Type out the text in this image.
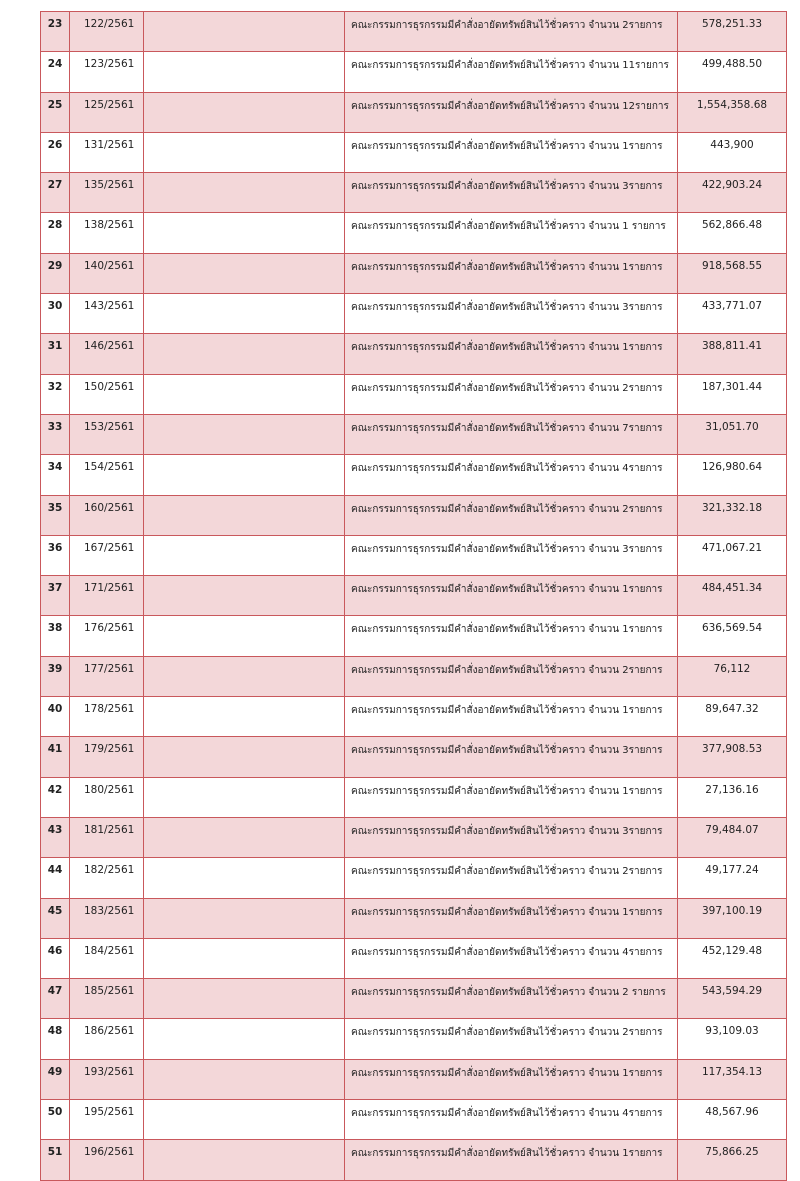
23	122/2561		คณะกรรมการธุรกรรมมีคำสั่งอายัดทรัพย์สินไว้ชั่วคราว จำนวน 2รายการ	578,251.33
24	123/2561		คณะกรรมการธุรกรรมมีคำสั่งอายัดทรัพย์สินไว้ชั่วคราว จำนวน 11รายการ	499,488.50
25	125/2561		คณะกรรมการธุรกรรมมีคำสั่งอายัดทรัพย์สินไว้ชั่วคราว จำนวน 12รายการ	1,554,358.68
26	131/2561		คณะกรรมการธุรกรรมมีคำสั่งอายัดทรัพย์สินไว้ชั่วคราว จำนวน 1รายการ	443,900
27	135/2561		คณะกรรมการธุรกรรมมีคำสั่งอายัดทรัพย์สินไว้ชั่วคราว จำนวน 3รายการ	422,903.24
28	138/2561		คณะกรรมการธุรกรรมมีคำสั่งอายัดทรัพย์สินไว้ชั่วคราว จำนวน 1 รายการ	562,866.48
29	140/2561		คณะกรรมการธุรกรรมมีคำสั่งอายัดทรัพย์สินไว้ชั่วคราว จำนวน 1รายการ	918,568.55
30	143/2561		คณะกรรมการธุรกรรมมีคำสั่งอายัดทรัพย์สินไว้ชั่วคราว จำนวน 3รายการ	433,771.07
31	146/2561		คณะกรรมการธุรกรรมมีคำสั่งอายัดทรัพย์สินไว้ชั่วคราว จำนวน 1รายการ	388,811.41
32	150/2561		คณะกรรมการธุรกรรมมีคำสั่งอายัดทรัพย์สินไว้ชั่วคราว จำนวน 2รายการ	187,301.44
33	153/2561		คณะกรรมการธุรกรรมมีคำสั่งอายัดทรัพย์สินไว้ชั่วคราว จำนวน 7รายการ	31,051.70
34	154/2561		คณะกรรมการธุรกรรมมีคำสั่งอายัดทรัพย์สินไว้ชั่วคราว จำนวน 4รายการ	126,980.64
35	160/2561		คณะกรรมการธุรกรรมมีคำสั่งอายัดทรัพย์สินไว้ชั่วคราว จำนวน 2รายการ	321,332.18
36	167/2561		คณะกรรมการธุรกรรมมีคำสั่งอายัดทรัพย์สินไว้ชั่วคราว จำนวน 3รายการ	471,067.21
37	171/2561		คณะกรรมการธุรกรรมมีคำสั่งอายัดทรัพย์สินไว้ชั่วคราว จำนวน 1รายการ	484,451.34
38	176/2561		คณะกรรมการธุรกรรมมีคำสั่งอายัดทรัพย์สินไว้ชั่วคราว จำนวน 1รายการ	636,569.54
39	177/2561		คณะกรรมการธุรกรรมมีคำสั่งอายัดทรัพย์สินไว้ชั่วคราว จำนวน 2รายการ	76,112
40	178/2561		คณะกรรมการธุรกรรมมีคำสั่งอายัดทรัพย์สินไว้ชั่วคราว จำนวน 1รายการ	89,647.32
41	179/2561		คณะกรรมการธุรกรรมมีคำสั่งอายัดทรัพย์สินไว้ชั่วคราว จำนวน 3รายการ	377,908.53
42	180/2561		คณะกรรมการธุรกรรมมีคำสั่งอายัดทรัพย์สินไว้ชั่วคราว จำนวน 1รายการ	27,136.16
43	181/2561		คณะกรรมการธุรกรรมมีคำสั่งอายัดทรัพย์สินไว้ชั่วคราว จำนวน 3รายการ	79,484.07
44	182/2561		คณะกรรมการธุรกรรมมีคำสั่งอายัดทรัพย์สินไว้ชั่วคราว จำนวน 2รายการ	49,177.24
45	183/2561		คณะกรรมการธุรกรรมมีคำสั่งอายัดทรัพย์สินไว้ชั่วคราว จำนวน 1รายการ	397,100.19
46	184/2561		คณะกรรมการธุรกรรมมีคำสั่งอายัดทรัพย์สินไว้ชั่วคราว จำนวน 4รายการ	452,129.48
47	185/2561		คณะกรรมการธุรกรรมมีคำสั่งอายัดทรัพย์สินไว้ชั่วคราว จำนวน 2 รายการ	543,594.29
48	186/2561		คณะกรรมการธุรกรรมมีคำสั่งอายัดทรัพย์สินไว้ชั่วคราว จำนวน 2รายการ	93,109.03
49	193/2561		คณะกรรมการธุรกรรมมีคำสั่งอายัดทรัพย์สินไว้ชั่วคราว จำนวน 1รายการ	117,354.13
50	195/2561		คณะกรรมการธุรกรรมมีคำสั่งอายัดทรัพย์สินไว้ชั่วคราว จำนวน 4รายการ	48,567.96
51	196/2561		คณะกรรมการธุรกรรมมีคำสั่งอายัดทรัพย์สินไว้ชั่วคราว จำนวน 1รายการ	75,866.25
